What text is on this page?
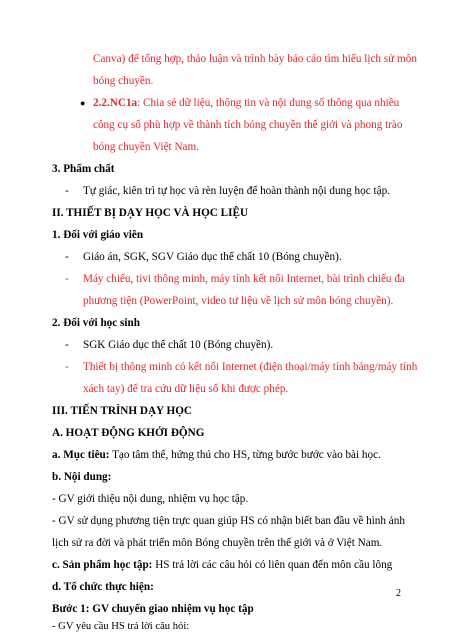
Canva) để tổng hợp, thảo luận và trình bày báo cáo tìm hiểu lịch sử môn
bóng chuyền.
● 2.2.NC1a: Chia sẻ dữ liệu, thông tin và nội dung số thông qua nhiều
công cụ số phù hợp về thành tích bóng chuyền thế giới và phong trào
bóng chuyền Việt Nam.
3. Phẩm chất
- Tự giác, kiên trì tự học và rèn luyện để hoàn thành nội dung học tập.
II. THIẾT BỊ DẠY HỌC VÀ HỌC LIỆU
1. Đối với giáo viên
- Giáo án, SGK, SGV Giáo dục thể chất 10 (Bóng chuyền).
- Máy chiếu, tivi thông minh, máy tính kết nối Internet, bài trình chiếu đa
phương tiện (PowerPoint, video tư liệu về lịch sử môn bóng chuyền).
2. Đối với học sinh
- SGK Giáo dục thể chất 10 (Bóng chuyền).
- Thiết bị thông minh có kết nối Internet (điện thoại/máy tính bảng/máy tính
xách tay) để tra cứu dữ liệu số khi được phép.
III. TIẾN TRÌNH DẠY HỌC
A. HOẠT ĐỘNG KHỞI ĐỘNG
a. Mục tiêu: Tạo tâm thế, hứng thú cho HS, từng bước bước vào bài học.
b. Nội dung:
- GV giới thiệu nội dung, nhiệm vụ học tập.
- GV sử dụng phương tiện trực quan giúp HS có nhận biết ban đầu về hình ảnh
lịch sử ra đời và phát triển môn Bóng chuyền trên thế giới và ở Việt Nam.
c. Sản phẩm học tập: HS trả lời các câu hỏi có liên quan đến môn cầu lông
d. Tổ chức thực hiện:
Bước 1: GV chuyển giao nhiệm vụ học tập
- GV yêu cầu HS trả lời câu hỏi:
2
